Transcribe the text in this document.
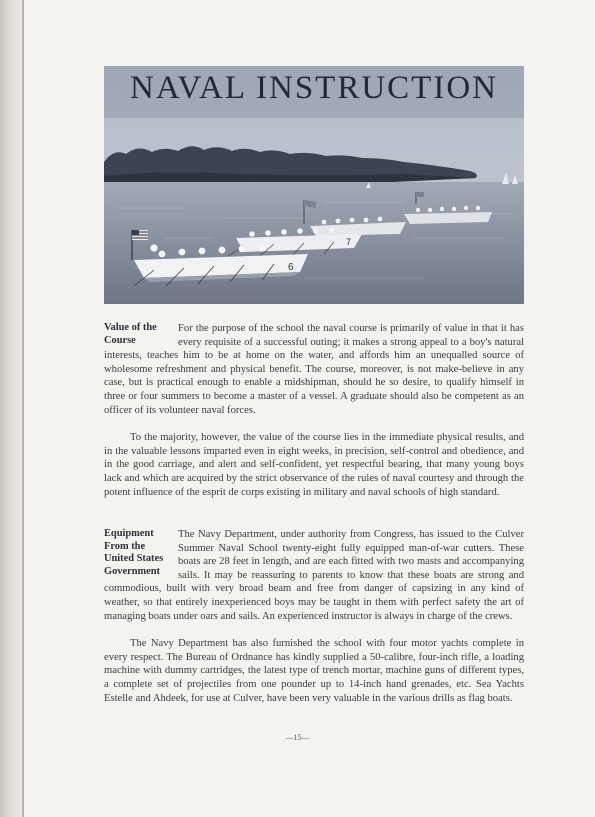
NAVAL INSTRUCTION
7
6
Value of the Course

For the purpose of the school the naval course is primarily of value in that it has every requisite of a successful outing; it makes a strong appeal to a boy's natural interests, teaches him to be at home on the water, and affords him an unequalled source of wholesome refreshment and physical benefit. The course, moreover, is not make-believe in any case, but is practical enough to enable a midshipman, should he so desire, to qualify himself in three or four summers to become a master of a vessel. A graduate should also be competent as an officer of its volunteer naval forces.

To the majority, however, the value of the course lies in the immediate physical results, and in the valuable lessons imparted even in eight weeks, in precision, self-control and obedience, and in the good carriage, and alert and self-confident, yet respectful bearing, that many young boys lack and which are acquired by the strict observance of the rules of naval courtesy and through the potent influence of the esprit de corps existing in military and naval schools of high standard.

Equipment From the United States Government

The Navy Department, under authority from Congress, has issued to the Culver Summer Naval School twenty-eight fully equipped man-of-war cutters. These boats are 28 feet in length, and are each fitted with two masts and accompanying sails. It may be reassuring to parents to know that these boats are strong and commodious, built with very broad beam and free from danger of capsizing in any kind of weather, so that entirely inexperienced boys may be taught in them with perfect safety the art of managing boats under oars and sails. An experienced instructor is always in charge of the crews.

The Navy Department has also furnished the school with four motor yachts complete in every respect. The Bureau of Ordnance has kindly supplied a 50-calibre, four-inch rifle, a loading machine with dummy cartridges, the latest type of trench mortar, machine guns of different types, a complete set of projectiles from one pounder up to 14-inch hand grenades, etc. Sea Yachts Estelle and Ahdeek, for use at Culver, have been very valuable in the various drills as flag boats.

—15—
